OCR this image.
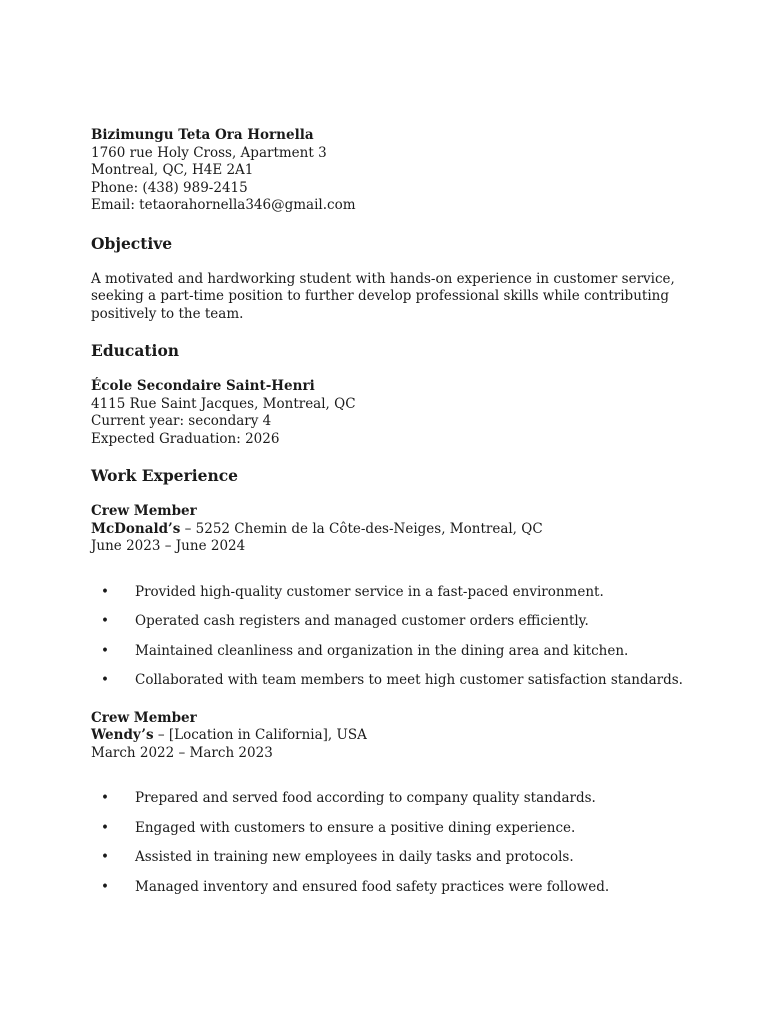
Bizimungu Teta Ora Hornella

1760 rue Holy Cross, Apartment 3

Montreal, QC, H4E 2A1

Phone: (438) 989-2415

Email: tetaorahornella346@gmail.com

Objective

A motivated and hardworking student with hands-on experience in customer service, seeking a part-time position to further develop professional skills while contributing positively to the team.

Education

École Secondaire Saint-Henri

4115 Rue Saint Jacques, Montreal, QC

Current year: secondary 4

Expected Graduation: 2026

Work Experience

Crew Member

McDonald’s – 5252 Chemin de la Côte-des-Neiges, Montreal, QC

June 2023 – June 2024

• Provided high-quality customer service in a fast-paced environment.
• Operated cash registers and managed customer orders efficiently.
• Maintained cleanliness and organization in the dining area and kitchen.
• Collaborated with team members to meet high customer satisfaction standards.

Crew Member

Wendy’s – [Location in California], USA

March 2022 – March 2023

• Prepared and served food according to company quality standards.
• Engaged with customers to ensure a positive dining experience.
• Assisted in training new employees in daily tasks and protocols.
• Managed inventory and ensured food safety practices were followed.
